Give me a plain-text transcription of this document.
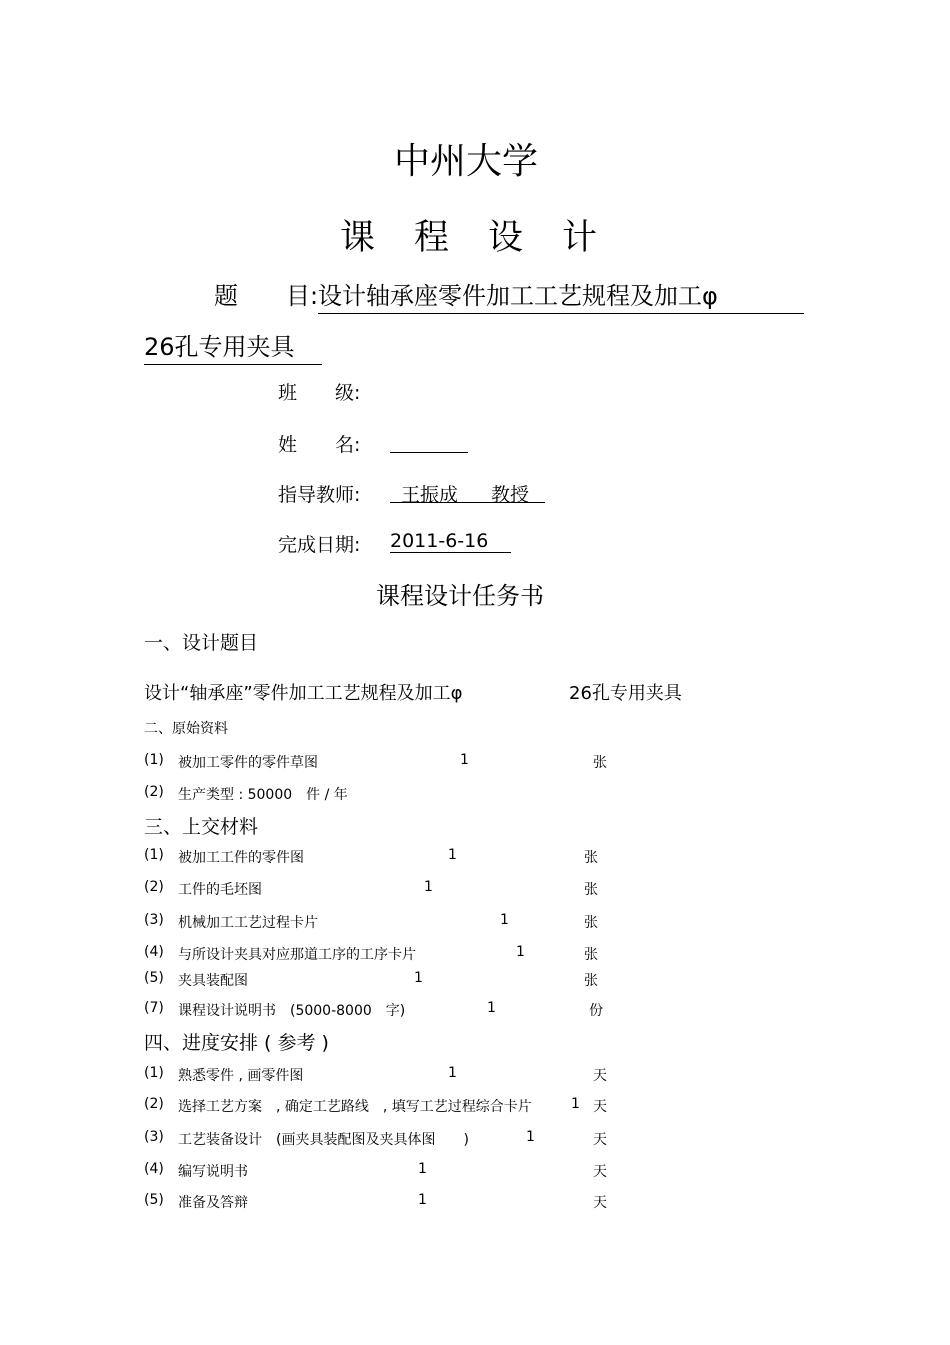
中州大学
课　程　设　计
题　　目: 设计轴承座零件加工工艺规程及加工φ
26孔专用夹具
班　　级:
姓　　名:
指导教师: 王振成 教授
完成日期: 2011-6-16
课程设计任务书
一、设计题目
设计“轴承座”零件加工工艺规程及加工φ	26孔专用夹具
二、原始资料
(1) 被加工零件的零件草图	1	张
(2) 生产类型 : 50000　件 / 年
三、上交材料
(1) 被加工工件的零件图	1	张
(2) 工件的毛坯图	1	张
(3) 机械加工工艺过程卡片	1	张
(4) 与所设计夹具对应那道工序的工序卡片	1	张
(5) 夹具装配图	1	张
(7) 课程设计说明书　(5000-8000　字)	1	份
四、进度安排 ( 参考 )
(1) 熟悉零件 , 画零件图	1	天
(2) 选择工艺方案　, 确定工艺路线　, 填写工艺过程综合卡片	1 天
(3) 工艺装备设计　(画夹具装配图及夹具体图　　)	1	天
(4) 编写说明书	1	天
(5) 准备及答辩	1	天
